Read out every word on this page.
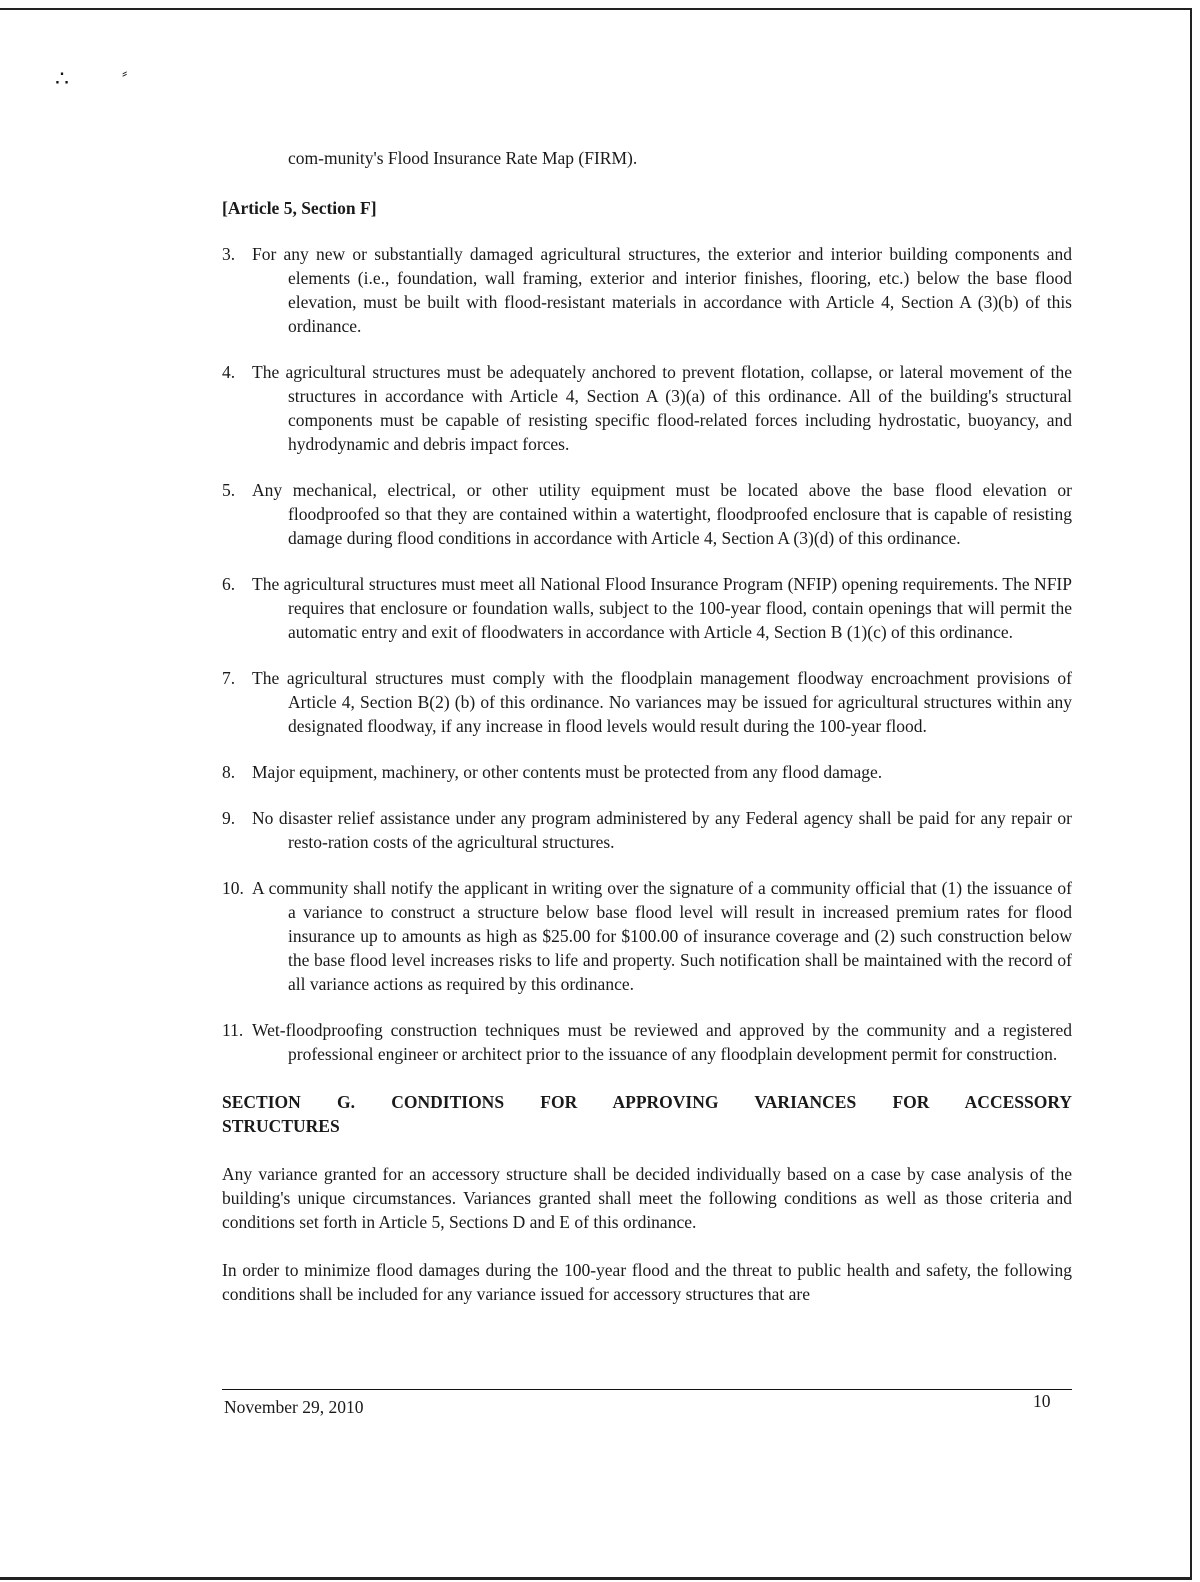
∴	⸗
com-munity's Flood Insurance Rate Map (FIRM).
[Article 5, Section F]
3. For any new or substantially damaged agricultural structures, the exterior and interior building components and elements (i.e., foundation, wall framing, exterior and interior finishes, flooring, etc.) below the base flood elevation, must be built with flood-resistant materials in accordance with Article 4, Section A (3)(b) of this ordinance.
4. The agricultural structures must be adequately anchored to prevent flotation, collapse, or lateral movement of the structures in accordance with Article 4, Section A (3)(a) of this ordinance. All of the building's structural components must be capable of resisting specific flood-related forces including hydrostatic, buoyancy, and hydrodynamic and debris impact forces.
5. Any mechanical, electrical, or other utility equipment must be located above the base flood elevation or floodproofed so that they are contained within a watertight, floodproofed enclosure that is capable of resisting damage during flood conditions in accordance with Article 4, Section A (3)(d) of this ordinance.
6. The agricultural structures must meet all National Flood Insurance Program (NFIP) opening requirements. The NFIP requires that enclosure or foundation walls, subject to the 100-year flood, contain openings that will permit the automatic entry and exit of floodwaters in accordance with Article 4, Section B (1)(c) of this ordinance.
7. The agricultural structures must comply with the floodplain management floodway encroachment provisions of Article 4, Section B(2) (b) of this ordinance. No variances may be issued for agricultural structures within any designated floodway, if any increase in flood levels would result during the 100-year flood.
8. Major equipment, machinery, or other contents must be protected from any flood damage.
9. No disaster relief assistance under any program administered by any Federal agency shall be paid for any repair or resto-ration costs of the agricultural structures.
10. A community shall notify the applicant in writing over the signature of a community official that (1) the issuance of a variance to construct a structure below base flood level will result in increased premium rates for flood insurance up to amounts as high as $25.00 for $100.00 of insurance coverage and (2) such construction below the base flood level increases risks to life and property. Such notification shall be maintained with the record of all variance actions as required by this ordinance.
11. Wet-floodproofing construction techniques must be reviewed and approved by the community and a registered professional engineer or architect prior to the issuance of any floodplain development permit for construction.
SECTION G. CONDITIONS FOR APPROVING VARIANCES FOR ACCESSORY
STRUCTURES
Any variance granted for an accessory structure shall be decided individually based on a case by case analysis of the building's unique circumstances. Variances granted shall meet the following conditions as well as those criteria and conditions set forth in Article 5, Sections D and E of this ordinance.
In order to minimize flood damages during the 100-year flood and the threat to public health and safety, the following conditions shall be included for any variance issued for accessory structures that are
November 29, 2010	10
